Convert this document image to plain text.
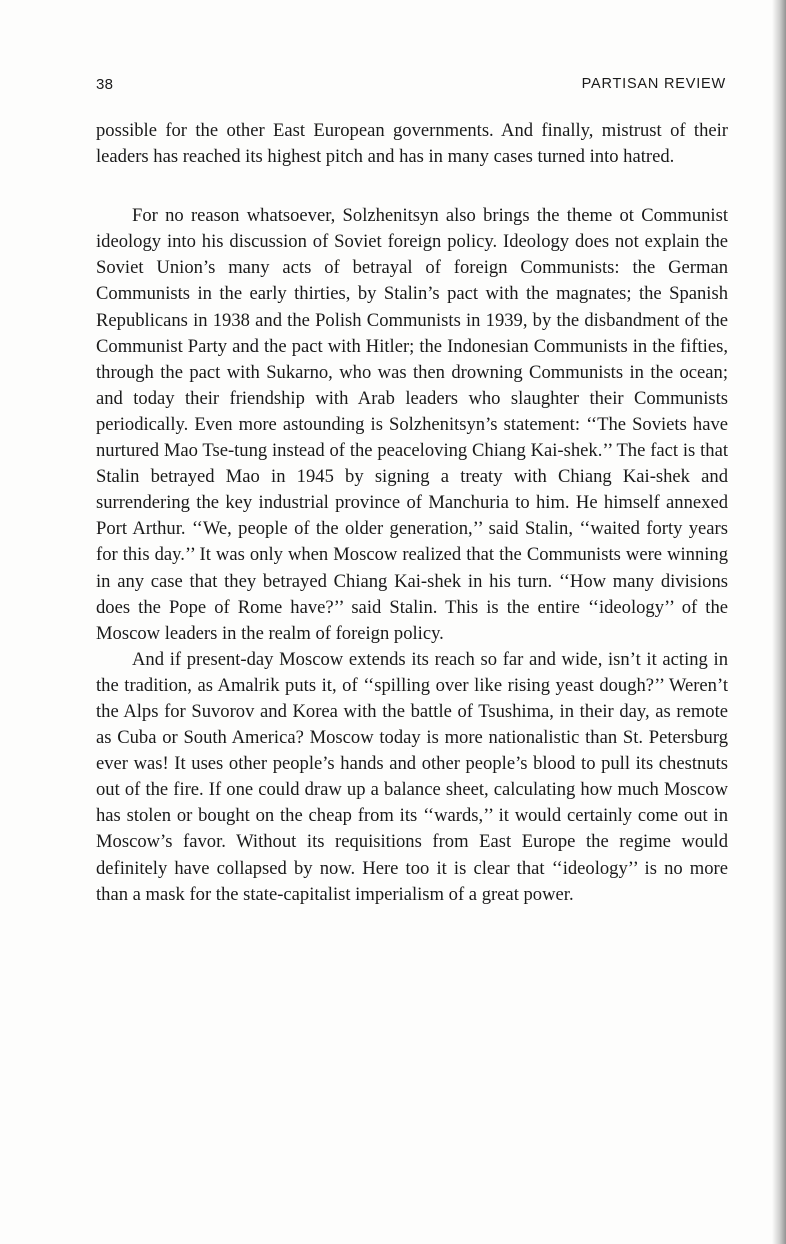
38	PARTISAN REVIEW

possible for the other East European governments. And finally, mistrust of their leaders has reached its highest pitch and has in many cases turned into hatred.

For no reason whatsoever, Solzhenitsyn also brings the theme ot Communist ideology into his discussion of Soviet foreign policy. Ideology does not explain the Soviet Union’s many acts of betrayal of foreign Communists: the German Communists in the early thirties, by Stalin’s pact with the magnates; the Spanish Republicans in 1938 and the Polish Communists in 1939, by the disbandment of the Communist Party and the pact with Hitler; the Indonesian Communists in the fifties, through the pact with Sukarno, who was then drowning Communists in the ocean; and today their friendship with Arab leaders who slaughter their Communists periodically. Even more astounding is Solzhenitsyn’s statement: ‘‘The Soviets have nurtured Mao Tse-tung instead of the peaceloving Chiang Kai-shek.’’ The fact is that Stalin betrayed Mao in 1945 by signing a treaty with Chiang Kai-shek and surrendering the key industrial province of Manchuria to him. He himself annexed Port Arthur. ‘‘We, people of the older generation,’’ said Stalin, ‘‘waited forty years for this day.’’ It was only when Moscow realized that the Communists were winning in any case that they betrayed Chiang Kai-shek in his turn. ‘‘How many divisions does the Pope of Rome have?’’ said Stalin. This is the entire ‘‘ideology’’ of the Moscow leaders in the realm of foreign policy.

And if present-day Moscow extends its reach so far and wide, isn’t it acting in the tradition, as Amalrik puts it, of ‘‘spilling over like rising yeast dough?’’ Weren’t the Alps for Suvorov and Korea with the battle of Tsushima, in their day, as remote as Cuba or South America? Moscow today is more nationalistic than St. Petersburg ever was! It uses other people’s hands and other people’s blood to pull its chestnuts out of the fire. If one could draw up a balance sheet, calculating how much Moscow has stolen or bought on the cheap from its ‘‘wards,’’ it would certainly come out in Moscow’s favor. Without its requisitions from East Europe the regime would definitely have collapsed by now. Here too it is clear that ‘‘ideology’’ is no more than a mask for the state-capitalist imperialism of a great power.
